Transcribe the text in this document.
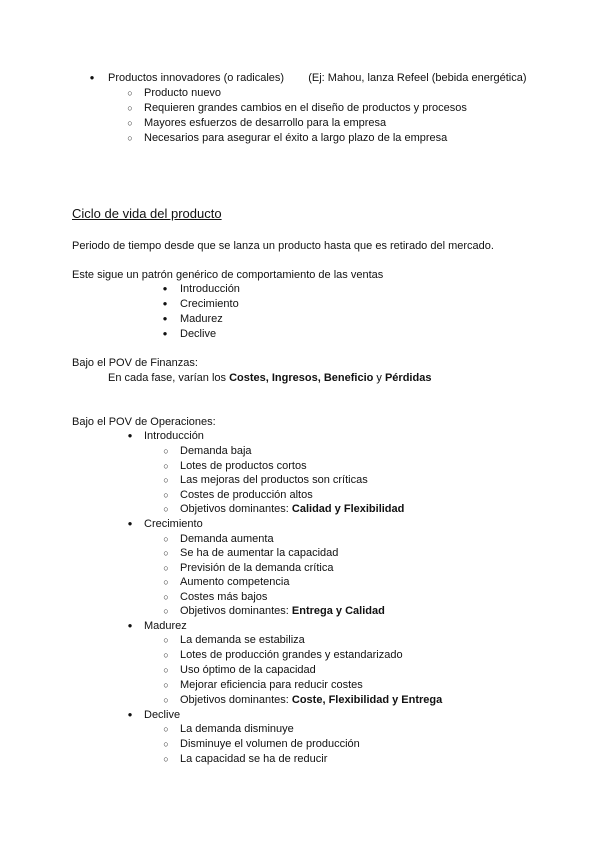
● Productos innovadores (o radicales) (Ej: Mahou, lanza Refeel (bebida energética)
○ Producto nuevo
○ Requieren grandes cambios en el diseño de productos y procesos
○ Mayores esfuerzos de desarrollo para la empresa
○ Necesarios para asegurar el éxito a largo plazo de la empresa
Ciclo de vida del producto
Periodo de tiempo desde que se lanza un producto hasta que es retirado del mercado.
Este sigue un patrón genérico de comportamiento de las ventas
● Introducción
● Crecimiento
● Madurez
● Declive
Bajo el POV de Finanzas:
En cada fase, varían los Costes, Ingresos, Beneficio y Pérdidas
Bajo el POV de Operaciones:
● Introducción
○ Demanda baja
○ Lotes de productos cortos
○ Las mejoras del productos son críticas
○ Costes de producción altos
○ Objetivos dominantes: Calidad y Flexibilidad
● Crecimiento
○ Demanda aumenta
○ Se ha de aumentar la capacidad
○ Previsión de la demanda crítica
○ Aumento competencia
○ Costes más bajos
○ Objetivos dominantes: Entrega y Calidad
● Madurez
○ La demanda se estabiliza
○ Lotes de producción grandes y estandarizado
○ Uso óptimo de la capacidad
○ Mejorar eficiencia para reducir costes
○ Objetivos dominantes: Coste, Flexibilidad y Entrega
● Declive
○ La demanda disminuye
○ Disminuye el volumen de producción
○ La capacidad se ha de reducir
